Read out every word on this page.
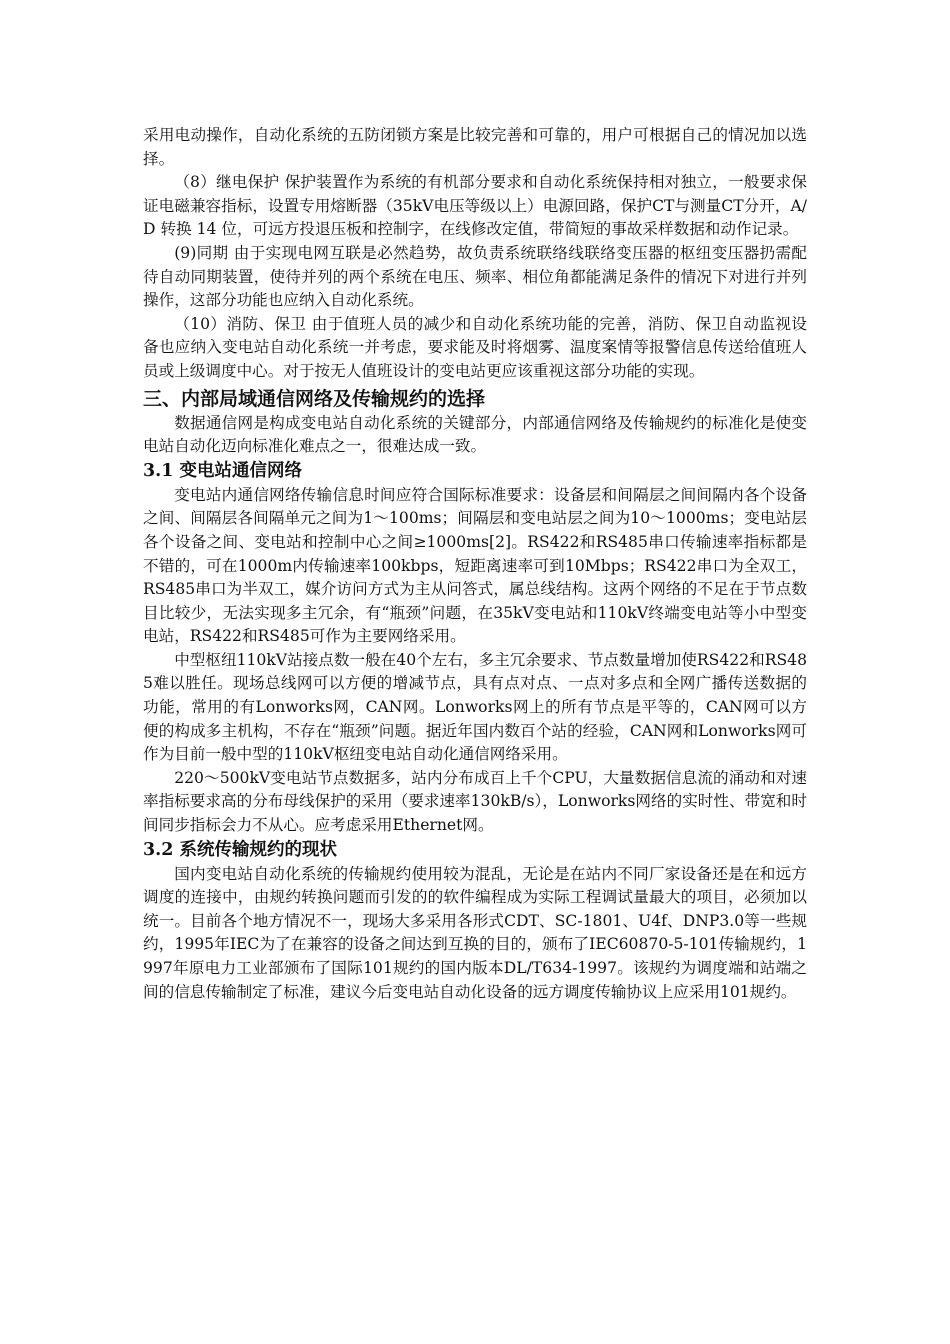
采用电动操作，自动化系统的五防闭锁方案是比较完善和可靠的，用户可根据自己的情况加以选择。

（8）继电保护 保护装置作为系统的有机部分要求和自动化系统保持相对独立，一般要求保 证电磁兼容指标，设置专用熔断器（35kV电压等级以上）电源回路，保护CT与测量CT分开，A/D 转换 14 位，可远方投退压板和控制字，在线修改定值，带简短的事故采样数据和动作记录。

(9)同期 由于实现电网互联是必然趋势，故负责系统联络线联络变压器的枢纽变压器扔需配待自动同期装置，使待并列的两个系统在电压、频率、相位角都能满足条件的情况下对进行并列操作，这部分功能也应纳入自动化系统。

（10）消防、保卫 由于值班人员的减少和自动化系统功能的完善，消防、保卫自动监视设备也应纳入变电站自动化系统一并考虑，要求能及时将烟雾、温度案情等报警信息传送给值班人员或上级调度中心。对于按无人值班设计的变电站更应该重视这部分功能的实现。

三、内部局域通信网络及传输规约的选择

数据通信网是构成变电站自动化系统的关键部分，内部通信网络及传输规约的标准化是使变电站自动化迈向标准化难点之一，很难达成一致。

3.1 变电站通信网络

变电站内通信网络传输信息时间应符合国际标准要求：设备层和间隔层之间间隔内各个设备之间、间隔层各间隔单元之间为1～100ms；间隔层和变电站层之间为10～1000ms；变电站层各个设备之间、变电站和控制中心之间≥1000ms[2]。RS422和RS485串口传输速率指标都是不错的，可在1000m内传输速率100kbps，短距离速率可到10Mbps；RS422串口为全双工，RS485串口为半双工，媒介访问方式为主从问答式，属总线结构。这两个网络的不足在于节点数目比较少，无法实现多主冗余，有“瓶颈”问题，在35kV变电站和110kV终端变电站等小中型变电站，RS422和RS485可作为主要网络采用。

中型枢纽110kV站接点数一般在40个左右，多主冗余要求、节点数量增加使RS422和RS485难以胜任。现场总线网可以方便的增减节点，具有点对点、一点对多点和全网广播传送数据的功能，常用的有Lonworks网，CAN网。Lonworks网上的所有节点是平等的，CAN网可以方便的构成多主机构，不存在“瓶颈”问题。据近年国内数百个站的经验，CAN网和Lonworks网可作为目前一般中型的110kV枢纽变电站自动化通信网络采用。

220～500kV变电站节点数据多，站内分布成百上千个CPU，大量数据信息流的涌动和对速率指标要求高的分布母线保护的采用（要求速率130kB/s），Lonworks网络的实时性、带宽和时间同步指标会力不从心。应考虑采用Ethernet网。

3.2 系统传输规约的现状

国内变电站自动化系统的传输规约使用较为混乱，无论是在站内不同厂家设备还是在和远方调度的连接中，由规约转换问题而引发的的软件编程成为实际工程调试量最大的项目，必须加以统一。目前各个地方情况不一，现场大多采用各形式CDT、SC-1801、U4f、DNP3.0等一些规约，1995年IEC为了在兼容的设备之间达到互换的目的，颁布了IEC60870-5-101传输规约，1997年原电力工业部颁布了国际101规约的国内版本DL/T634-1997。该规约为调度端和站端之间的信息传输制定了标准，建议今后变电站自动化设备的远方调度传输协议上应采用101规约。
